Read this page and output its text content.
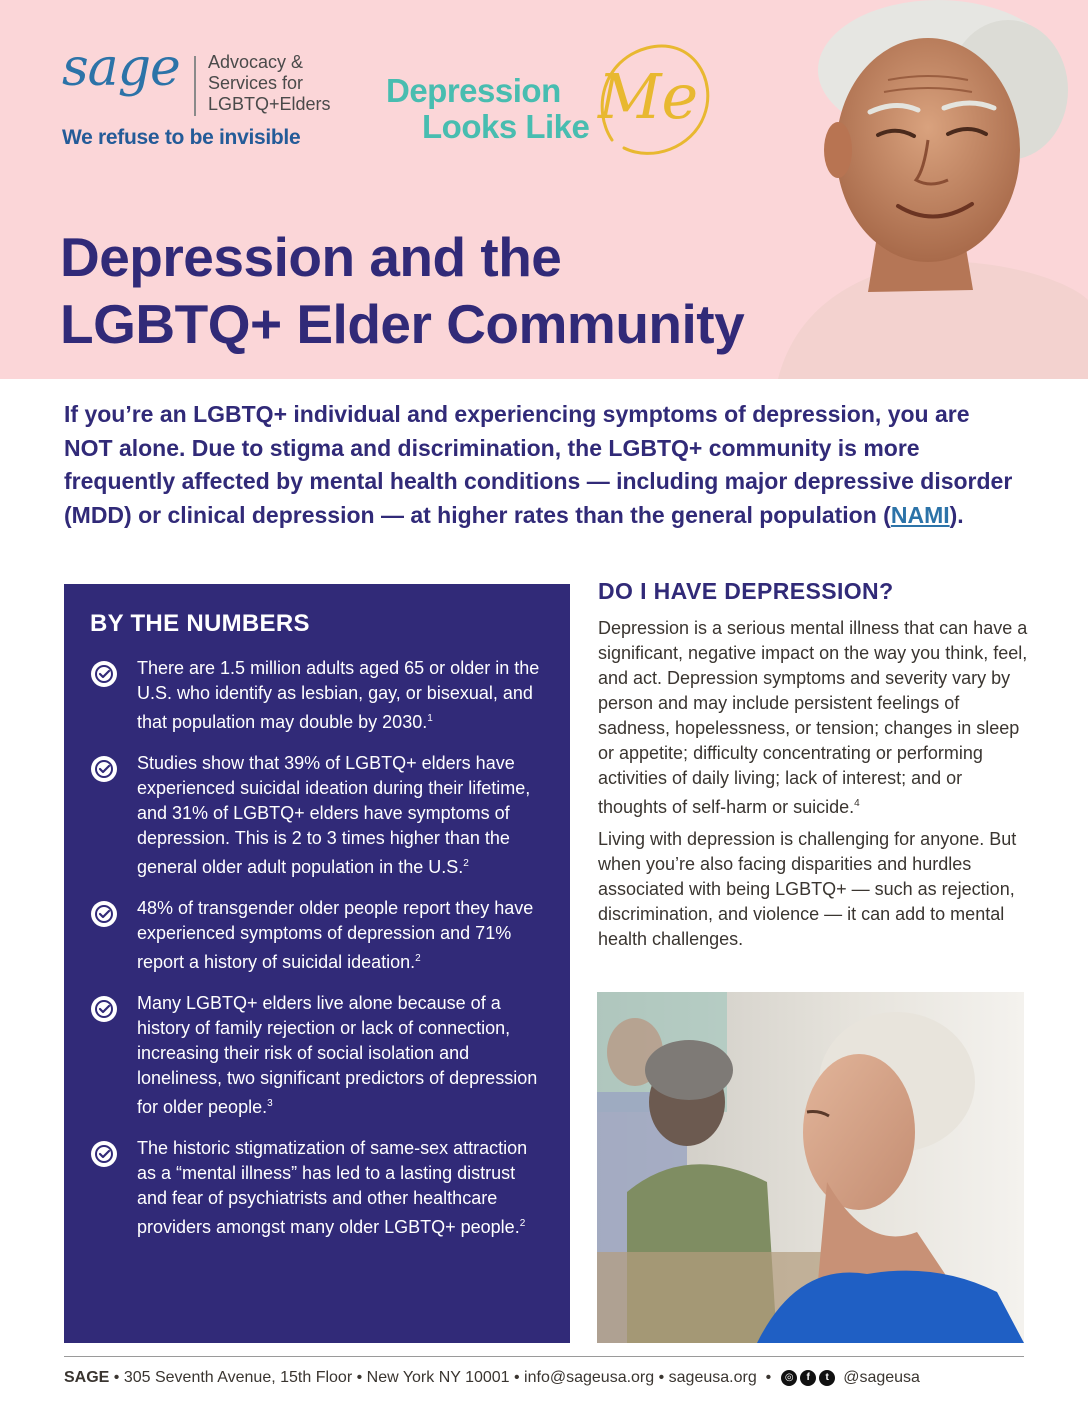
sage Advocacy &
Services for
LGBTQ+Elders
We refuse to be invisible
Depression
Looks Like Me
Depression and the
LGBTQ+ Elder Community

If you’re an LGBTQ+ individual and experiencing symptoms of depression, you are NOT alone. Due to stigma and discrimination, the LGBTQ+ community is more frequently affected by mental health conditions — including major depressive disorder (MDD) or clinical depression — at higher rates than the general population (NAMI).

BY THE NUMBERS
There are 1.5 million adults aged 65 or older in the U.S. who identify as lesbian, gay, or bisexual, and that population may double by 2030.$^1$
Studies show that 39% of LGBTQ+ elders have experienced suicidal ideation during their lifetime, and 31% of LGBTQ+ elders have symptoms of depression. This is 2 to 3 times higher than the general older adult population in the U.S.$^2$
48% of transgender older people report they have experienced symptoms of depression and 71% report a history of suicidal ideation.$^2$
Many LGBTQ+ elders live alone because of a history of family rejection or lack of connection, increasing their risk of social isolation and loneliness, two significant predictors of depression for older people.$^3$
The historic stigmatization of same-sex attraction as a “mental illness” has led to a lasting distrust and fear of psychiatrists and other healthcare providers amongst many older LGBTQ+ people.$^2$
DO I HAVE DEPRESSION?

Depression is a serious mental illness that can have a significant, negative impact on the way you think, feel, and act. Depression symptoms and severity vary by person and may include persistent feelings of sadness, hopelessness, or tension; changes in sleep or appetite; difficulty concentrating or performing activities of daily living; lack of interest; and or thoughts of self-harm or suicide.$^4$

Living with depression is challenging for anyone. But when you’re also facing disparities and hurdles associated with being LGBTQ+ — such as rejection, discrimination, and violence — it can add to mental health challenges.

SAGE • 305 Seventh Avenue, 15th Floor • New York NY 10001 • info@sageusa.org • sageusa.org  •	◎	f	t @sageusa
